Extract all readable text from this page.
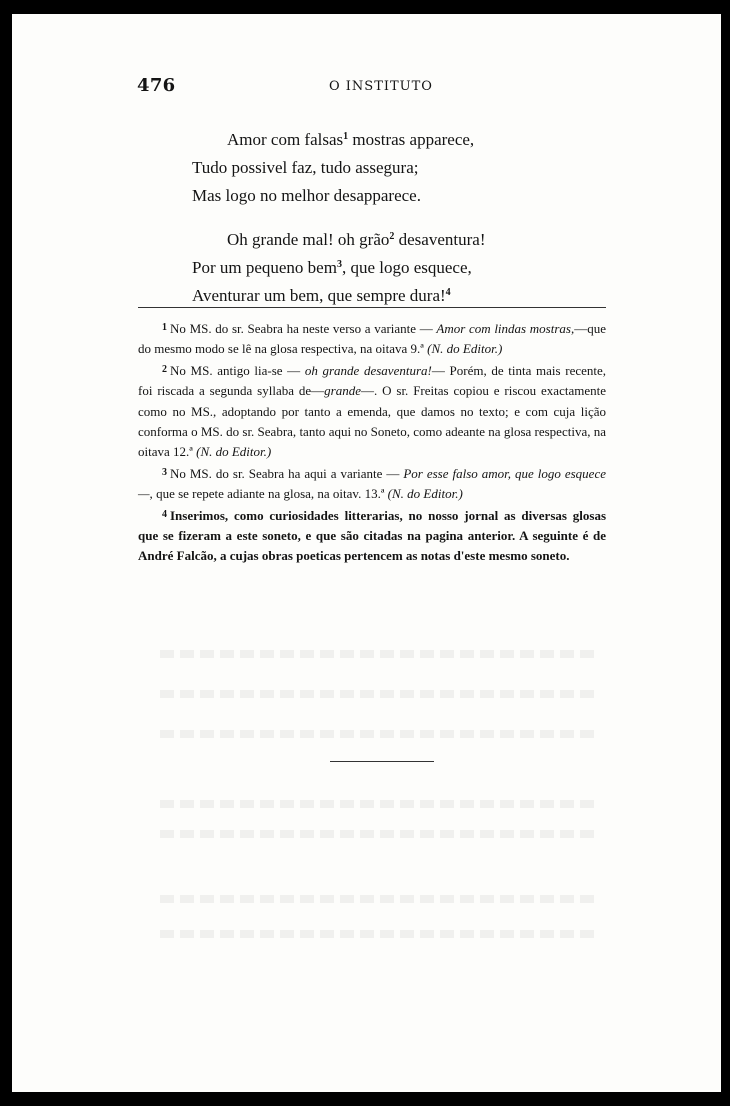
476	O INSTITUTO
Amor com falsas$^1$ mostras apparece,
Tudo possivel faz, tudo assegura;
Mas logo no melhor desapparece.
Oh grande mal! oh grão$^2$ desaventura!
Por um pequeno bem$^3$, que logo esquece,
Aventurar um bem, que sempre dura!$^4$

$^1$ No MS. do sr. Seabra ha neste verso a variante — Amor com lindas mostras,—que do mesmo modo se lê na glosa respectiva, na oitava 9.ª (N. do Editor.)

$^2$ No MS. antigo lia-se — oh grande desaventura!— Porém, de tinta mais recente, foi riscada a segunda syllaba de—grande—. O sr. Freitas copiou e riscou exactamente como no MS., adoptando por tanto a emenda, que damos no texto; e com cuja lição conforma o MS. do sr. Seabra, tanto aqui no Soneto, como adeante na glosa respectiva, na oitava 12.ª (N. do Editor.)

$^3$ No MS. do sr. Seabra ha aqui a variante — Por esse falso amor, que logo esquece—, que se repete adiante na glosa, na oitav. 13.ª (N. do Editor.)

$^4$ Inserimos, como curiosidades litterarias, no nosso jornal as diversas glosas que se fizeram a este soneto, e que são citadas na pagina anterior. A seguinte é de André Falcão, a cujas obras poeticas pertencem as notas d'este mesmo soneto.
